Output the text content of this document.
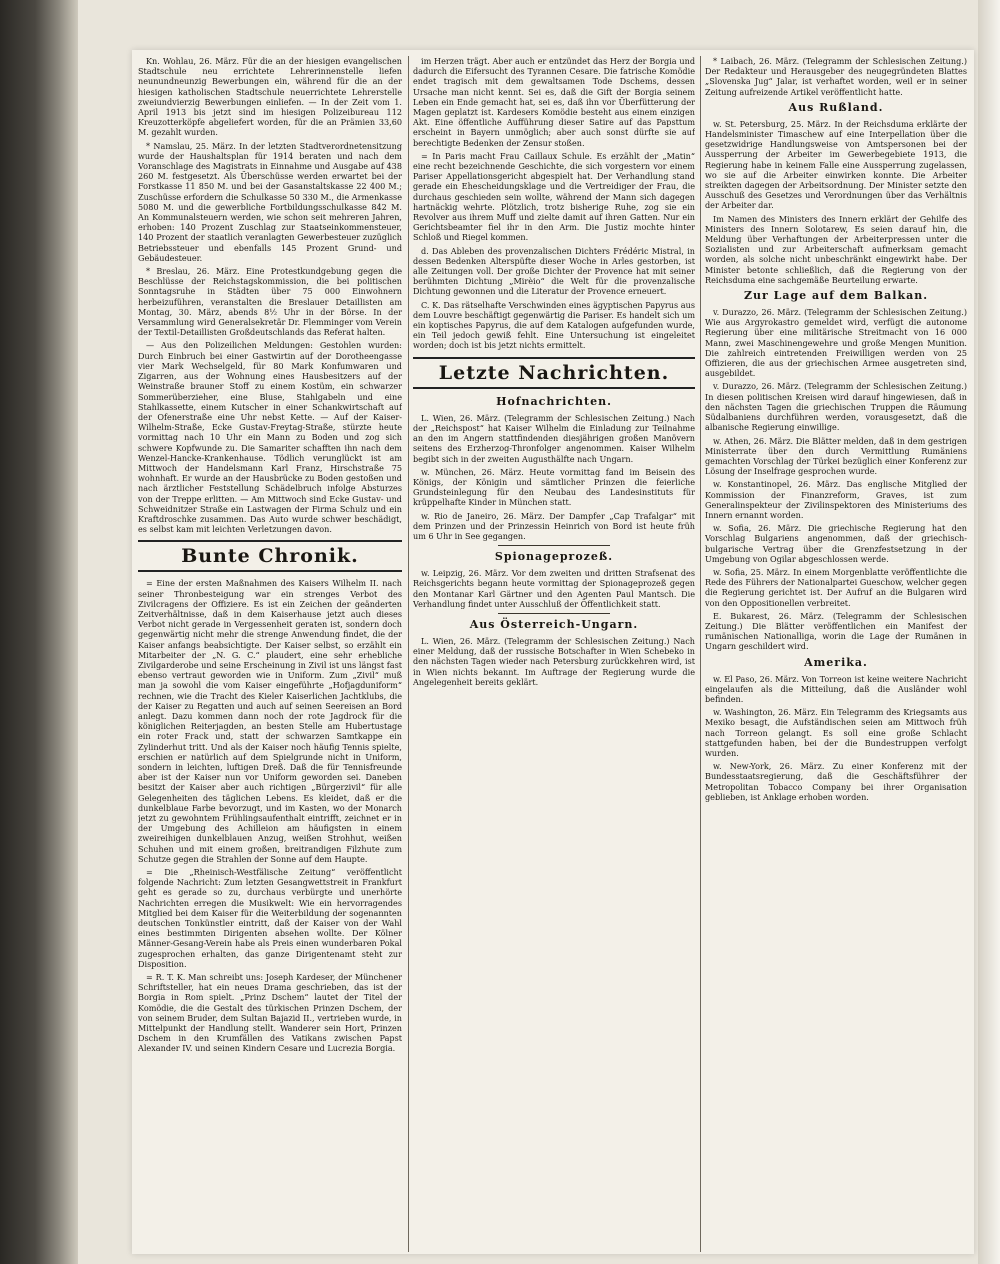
Kn. Wohlau, 26. März. Für die an der hiesigen evangelischen Stadtschule neu errichtete Lehrerinnenstelle liefen neunundneunzig Bewerbungen ein, während für die an der hiesigen katholischen Stadtschule neuerrichtete Lehrerstelle zweiundvierzig Bewerbungen einliefen. — In der Zeit vom 1. April 1913 bis jetzt sind im hiesigen Polizeibureau 112 Kreuzotterköpfe abgeliefert worden, für die an Prämien 33,60 M. gezahlt wurden.

* Namslau, 25. März. In der letzten Stadtverordnetensitzung wurde der Haushaltsplan für 1914 beraten und nach dem Voranschlage des Magistrats in Einnahme und Ausgabe auf 438 260 M. festgesetzt. Als Überschüsse werden erwartet bei der Forstkasse 11 850 M. und bei der Gasanstaltskasse 22 400 M.; Zuschüsse erfordern die Schulkasse 50 330 M., die Armenkasse 5080 M. und die gewerbliche Fortbildungsschulkasse 842 M. An Kommunalsteuern werden, wie schon seit mehreren Jahren, erhoben: 140 Prozent Zuschlag zur Staatseinkommensteuer, 140 Prozent der staatlich veranlagten Gewerbesteuer zuzüglich Betriebssteuer und ebenfalls 145 Prozent Grund- und Gebäudesteuer.

* Breslau, 26. März. Eine Protestkundgebung gegen die Beschlüsse der Reichstagskommission, die bei politischen Sonntagsruhe in Städten über 75 000 Einwohnern herbeizuführen, veranstalten die Breslauer Detaillisten am Montag, 30. März, abends 8½ Uhr in der Börse. In der Versammlung wird Generalsekretär Dr. Flemminger vom Verein der Textil-Detaillisten Großdeutschlands das Referat halten.

— Aus den Polizeilichen Meldungen: Gestohlen wurden: Durch Einbruch bei einer Gastwirtin auf der Dorotheengasse vier Mark Wechselgeld, für 80 Mark Konfumwaren und Zigarren, aus der Wohnung eines Hausbesitzers auf der Weinstraße brauner Stoff zu einem Kostüm, ein schwarzer Sommerüberzieher, eine Bluse, Stahlgabeln und eine Stahlkassette, einem Kutscher in einer Schankwirtschaft auf der Ofenerstraße eine Uhr nebst Kette. — Auf der Kaiser-Wilhelm-Straße, Ecke Gustav-Freytag-Straße, stürzte heute vormittag nach 10 Uhr ein Mann zu Boden und zog sich schwere Kopfwunde zu. Die Samariter schafften ihn nach dem Wenzel-Hancke-Krankenhause. Tödlich verunglückt ist am Mittwoch der Handelsmann Karl Franz, Hirschstraße 75 wohnhaft. Er wurde an der Hausbrücke zu Boden gestoßen und nach ärztlicher Feststellung Schädelbruch infolge Absturzes von der Treppe erlitten. — Am Mittwoch sind Ecke Gustav- und Schweidnitzer Straße ein Lastwagen der Firma Schulz und ein Kraftdroschke zusammen. Das Auto wurde schwer beschädigt, es selbst kam mit leichten Verletzungen davon.

Bunte Chronik.

= Eine der ersten Maßnahmen des Kaisers Wilhelm II. nach seiner Thronbesteigung war ein strenges Verbot des Zivilcragens der Offiziere. Es ist ein Zeichen der geänderten Zeitverhältnisse, daß in dem Kaiserhause jetzt auch dieses Verbot nicht gerade in Vergessenheit geraten ist, sondern doch gegenwärtig nicht mehr die strenge Anwendung findet, die der Kaiser anfangs beabsichtigte. Der Kaiser selbst, so erzählt ein Mitarbeiter der „N. G. C.“ plaudert, eine sehr erhebliche Zivilgarderobe und seine Erscheinung in Zivil ist uns längst fast ebenso vertraut geworden wie in Uniform. Zum „Zivil“ muß man ja sowohl die vom Kaiser eingeführte „Hofjagduniform“ rechnen, wie die Tracht des Kieler Kaiserlichen Jachtklubs, die der Kaiser zu Regatten und auch auf seinen Seereisen an Bord anlegt. Dazu kommen dann noch der rote Jagdrock für die königlichen Reiterjagden, an besten Stelle am Hubertustage ein roter Frack und, statt der schwarzen Samtkappe ein Zylinderhut tritt. Und als der Kaiser noch häufig Tennis spielte, erschien er natürlich auf dem Spielgrunde nicht in Uniform, sondern in leichten, luftigen Dreß. Daß die für Tennisfreunde aber ist der Kaiser nun vor Uniform geworden sei. Daneben besitzt der Kaiser aber auch richtigen „Bürgerzivil“ für alle Gelegenheiten des täglichen Lebens. Es kleidet, daß er die dunkelblaue Farbe bevorzugt, und im Kasten, wo der Monarch jetzt zu gewohntem Frühlingsaufenthalt eintrifft, zeichnet er in der Umgebung des Achilleion am häufigsten in einem zweireihigen dunkelblauen Anzug, weißen Strohhut, weißen Schuhen und mit einem großen, breitrandigen Filzhute zum Schutze gegen die Strahlen der Sonne auf dem Haupte.

= Die „Rheinisch-Westfälische Zeitung“ veröffentlicht folgende Nachricht: Zum letzten Gesangwettstreit in Frankfurt geht es gerade so zu, durchaus verbürgte und unerhörte Nachrichten erregen die Musikwelt: Wie ein hervorragendes Mitglied bei dem Kaiser für die Weiterbildung der sogenannten deutschen Tonkünstler eintritt, daß der Kaiser von der Wahl eines bestimmten Dirigenten absehen wollte. Der Kölner Männer-Gesang-Verein habe als Preis einen wunderbaren Pokal zugesprochen erhalten, das ganze Dirigentenamt steht zur Disposition.

= R. T. K. Man schreibt uns: Joseph Kardeser, der Münchener Schriftsteller, hat ein neues Drama geschrieben, das ist der Borgia in Rom spielt. „Prinz Dschem“ lautet der Titel der Komödie, die die Gestalt des türkischen Prinzen Dschem, der von seinem Bruder, dem Sultan Bajazid II., vertrieben wurde, in Mittelpunkt der Handlung stellt. Wanderer sein Hort, Prinzen Dschem in den Krumfällen des Vatikans zwischen Papst Alexander IV. und seinen Kindern Cesare und Lucrezia Borgia.

im Herzen trägt. Aber auch er entzündet das Herz der Borgia und dadurch die Eifersucht des Tyrannen Cesare. Die fatrische Komödie endet tragisch mit dem gewaltsamen Tode Dschems, dessen Ursache man nicht kennt. Sei es, daß die Gift der Borgia seinem Leben ein Ende gemacht hat, sei es, daß ihn vor Überfütterung der Magen geplatzt ist. Kardesers Komödie besteht aus einem einzigen Akt. Eine öffentliche Aufführung dieser Satire auf das Papsttum erscheint in Bayern unmöglich; aber auch sonst dürfte sie auf berechtigte Bedenken der Zensur stoßen.

= In Paris macht Frau Caillaux Schule. Es erzählt der „Matin“ eine recht bezeichnende Geschichte, die sich vorgestern vor einem Pariser Appellationsgericht abgespielt hat. Der Verhandlung stand gerade ein Ehescheidungsklage und die Vertreidiger der Frau, die durchaus geschieden sein wollte, während der Mann sich dagegen hartnäckig wehrte. Plötzlich, trotz bisherige Ruhe, zog sie ein Revolver aus ihrem Muff und zielte damit auf ihren Gatten. Nur ein Gerichtsbeamter fiel ihr in den Arm. Die Justiz mochte hinter Schloß und Riegel kommen.

d. Das Ableben des provenzalischen Dichters Frédéric Mistral, in dessen Bedenken Alterspüfte dieser Woche in Arles gestorben, ist alle Zeitungen voll. Der große Dichter der Provence hat mit seiner berühmten Dichtung „Mirèio“ die Welt für die provenzalische Dichtung gewonnen und die Literatur der Provence erneuert.

C. K. Das rätselhafte Verschwinden eines ägyptischen Papyrus aus dem Louvre beschäftigt gegenwärtig die Pariser. Es handelt sich um ein koptisches Papyrus, die auf dem Katalogen aufgefunden wurde, ein Teil jedoch gewiß fehlt. Eine Untersuchung ist eingeleitet worden; doch ist bis jetzt nichts ermittelt.

Letzte Nachrichten.
Hofnachrichten.

L. Wien, 26. März. (Telegramm der Schlesischen Zeitung.) Nach der „Reichspost“ hat Kaiser Wilhelm die Einladung zur Teilnahme an den im Angern stattfindenden diesjährigen großen Manövern seitens des Erzherzog-Thronfolger angenommen. Kaiser Wilhelm begibt sich in der zweiten Augusthälfte nach Ungarn.

w. München, 26. März. Heute vormittag fand im Beisein des Königs, der Königin und sämtlicher Prinzen die feierliche Grundsteinlegung für den Neubau des Landesinstituts für krüppelhafte Kinder in München statt.

w. Rio de Janeiro, 26. März. Der Dampfer „Cap Trafalgar“ mit dem Prinzen und der Prinzessin Heinrich von Bord ist heute früh um 6 Uhr in See gegangen.

Spionageprozeß.

w. Leipzig, 26. März. Vor dem zweiten und dritten Strafsenat des Reichsgerichts begann heute vormittag der Spionageprozeß gegen den Montanar Karl Gärtner und den Agenten Paul Mantsch. Die Verhandlung findet unter Ausschluß der Öffentlichkeit statt.

Aus Österreich-Ungarn.

L. Wien, 26. März. (Telegramm der Schlesischen Zeitung.) Nach einer Meldung, daß der russische Botschafter in Wien Schebeko in den nächsten Tagen wieder nach Petersburg zurückkehren wird, ist in Wien nichts bekannt. Im Auftrage der Regierung wurde die Angelegenheit bereits geklärt.

* Laibach, 26. März. (Telegramm der Schlesischen Zeitung.) Der Redakteur und Herausgeber des neugegründeten Blattes „Slovenska Jug“ Jalar, ist verhaftet worden, weil er in seiner Zeitung aufreizende Artikel veröffentlicht hatte.

Aus Rußland.

w. St. Petersburg, 25. März. In der Reichsduma erklärte der Handelsminister Timaschew auf eine Interpellation über die gesetzwidrige Handlungsweise von Amtspersonen bei der Aussperrung der Arbeiter im Gewerbegebiete 1913, die Regierung habe in keinem Falle eine Aussperrung zugelassen, wo sie auf die Arbeiter einwirken konnte. Die Arbeiter streikten dagegen der Arbeitsordnung. Der Minister setzte den Ausschuß des Gesetzes und Verordnungen über das Verhältnis der Arbeiter dar.

Im Namen des Ministers des Innern erklärt der Gehilfe des Ministers des Innern Solotarew, Es seien darauf hin, die Meldung über Verhaftungen der Arbeiterpressen unter die Sozialisten und zur Arbeiterschaft aufmerksam gemacht worden, als solche nicht unbeschränkt eingewirkt habe. Der Minister betonte schließlich, daß die Regierung von der Reichsduma eine sachgemäße Beurteilung erwarte.

Zur Lage auf dem Balkan.

v. Durazzo, 26. März. (Telegramm der Schlesischen Zeitung.) Wie aus Argyrokastro gemeldet wird, verfügt die autonome Regierung über eine militärische Streitmacht von 16 000 Mann, zwei Maschinengewehre und große Mengen Munition. Die zahlreich eintretenden Freiwilligen werden von 25 Offizieren, die aus der griechischen Armee ausgetreten sind, ausgebildet.

v. Durazzo, 26. März. (Telegramm der Schlesischen Zeitung.) In diesen politischen Kreisen wird darauf hingewiesen, daß in den nächsten Tagen die griechischen Truppen die Räumung Südalbaniens durchführen werden, vorausgesetzt, daß die albanische Regierung einwillige.

w. Athen, 26. März. Die Blätter melden, daß in dem gestrigen Ministerrate über den durch Vermittlung Rumäniens gemachten Vorschlag der Türkei bezüglich einer Konferenz zur Lösung der Inselfrage gesprochen wurde.

w. Konstantinopel, 26. März. Das englische Mitglied der Kommission der Finanzreform, Graves, ist zum Generalinspekteur der Zivilinspektoren des Ministeriums des Innern ernannt worden.

w. Sofia, 26. März. Die griechische Regierung hat den Vorschlag Bulgariens angenommen, daß der griechisch-bulgarische Vertrag über die Grenzfestsetzung in der Umgebung von Ogilar abgeschlossen werde.

w. Sofia, 25. März. In einem Morgenblatte veröffentlichte die Rede des Führers der Nationalpartei Gueschow, welcher gegen die Regierung gerichtet ist. Der Aufruf an die Bulgaren wird von den Oppositionellen verbreitet.

E. Bukarest, 26. März. (Telegramm der Schlesischen Zeitung.) Die Blätter veröffentlichen ein Manifest der rumänischen Nationalliga, worin die Lage der Rumänen in Ungarn geschildert wird.

Amerika.

w. El Paso, 26. März. Von Torreon ist keine weitere Nachricht eingelaufen als die Mitteilung, daß die Ausländer wohl befinden.

w. Washington, 26. März. Ein Telegramm des Kriegsamts aus Mexiko besagt, die Aufständischen seien am Mittwoch früh nach Torreon gelangt. Es soll eine große Schlacht stattgefunden haben, bei der die Bundestruppen verfolgt wurden.

w. New-York, 26. März. Zu einer Konferenz mit der Bundesstaatsregierung, daß die Geschäftsführer der Metropolitan Tobacco Company bei ihrer Organisation geblieben, ist Anklage erhoben worden.
